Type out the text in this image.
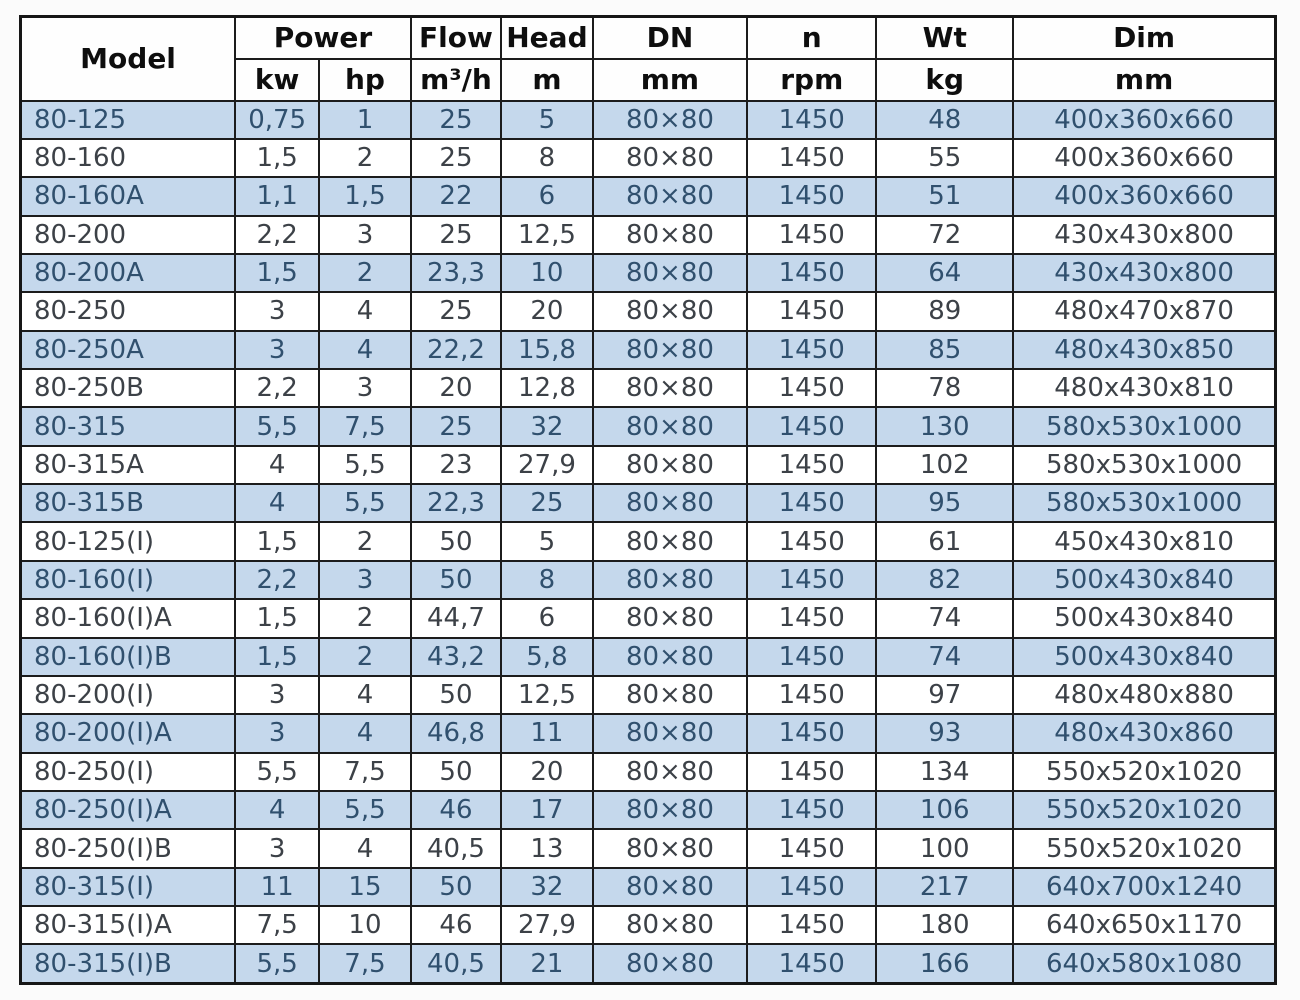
Model	Power		Flow	Head	DN	n	Wt	Dim
	kw	hp	m³/h	m	mm	rpm	kg	mm
80-125	0,75	1	25	5	80×80	1450	48	400x360x660
80-160	1,5	2	25	8	80×80	1450	55	400x360x660
80-160A	1,1	1,5	22	6	80×80	1450	51	400x360x660
80-200	2,2	3	25	12,5	80×80	1450	72	430x430x800
80-200A	1,5	2	23,3	10	80×80	1450	64	430x430x800
80-250	3	4	25	20	80×80	1450	89	480x470x870
80-250A	3	4	22,2	15,8	80×80	1450	85	480x430x850
80-250B	2,2	3	20	12,8	80×80	1450	78	480x430x810
80-315	5,5	7,5	25	32	80×80	1450	130	580x530x1000
80-315A	4	5,5	23	27,9	80×80	1450	102	580x530x1000
80-315B	4	5,5	22,3	25	80×80	1450	95	580x530x1000
80-125(I)	1,5	2	50	5	80×80	1450	61	450x430x810
80-160(I)	2,2	3	50	8	80×80	1450	82	500x430x840
80-160(I)A	1,5	2	44,7	6	80×80	1450	74	500x430x840
80-160(I)B	1,5	2	43,2	5,8	80×80	1450	74	500x430x840
80-200(I)	3	4	50	12,5	80×80	1450	97	480x480x880
80-200(I)A	3	4	46,8	11	80×80	1450	93	480x430x860
80-250(I)	5,5	7,5	50	20	80×80	1450	134	550x520x1020
80-250(I)A	4	5,5	46	17	80×80	1450	106	550x520x1020
80-250(I)B	3	4	40,5	13	80×80	1450	100	550x520x1020
80-315(I)	11	15	50	32	80×80	1450	217	640x700x1240
80-315(I)A	7,5	10	46	27,9	80×80	1450	180	640x650x1170
80-315(I)B	5,5	7,5	40,5	21	80×80	1450	166	640x580x1080
